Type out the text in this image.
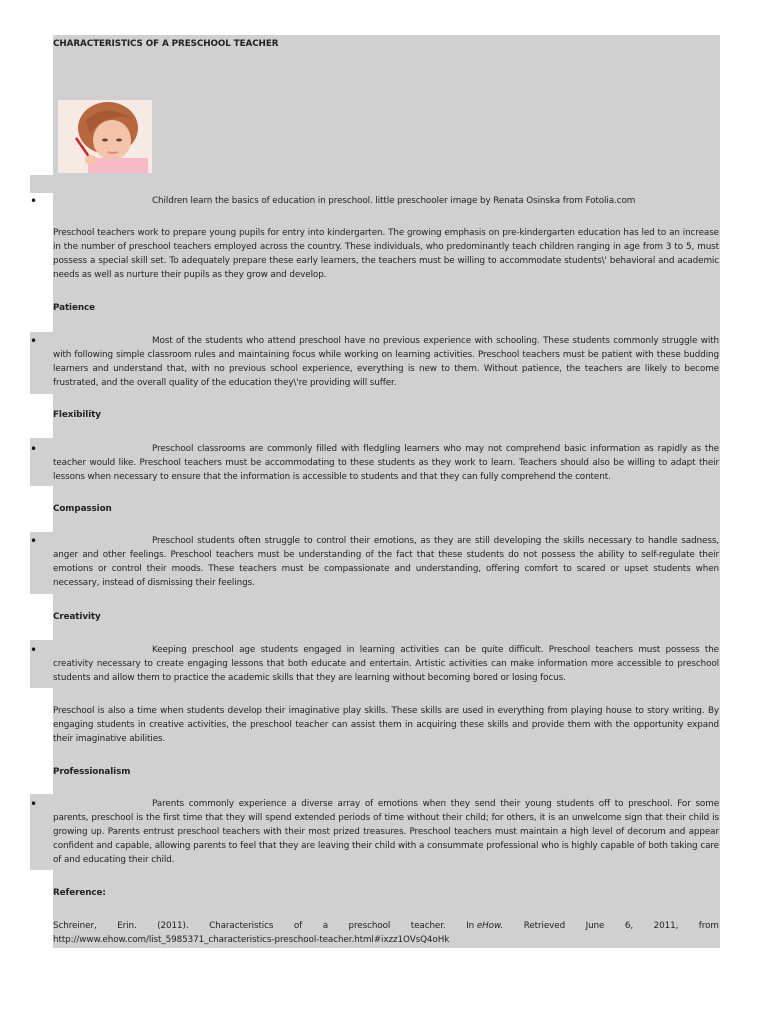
CHARACTERISTICS OF A PRESCHOOL TEACHER

•	Children learn the basics of education in preschool. little preschooler image by Renata Osinska from Fotolia.com

Preschool teachers work to prepare young pupils for entry into kindergarten. The growing emphasis on pre-kindergarten education has led to an increase in the number of preschool teachers employed across the country. These individuals, who predominantly teach children ranging in age from 3 to 5, must possess a special skill set. To adequately prepare these early learners, the teachers must be willing to accommodate students\' behavioral and academic needs as well as nurture their pupils as they grow and develop.

Patience

•	Most of the students who attend preschool have no previous experience with schooling. These students commonly struggle with with following simple classroom rules and maintaining focus while working on learning activities. Preschool teachers must be patient with these budding learners and understand that, with no previous school experience, everything is new to them. Without patience, the teachers are likely to become frustrated, and the overall quality of the education they\'re providing will suffer.

Flexibility

•	Preschool classrooms are commonly filled with fledgling learners who may not comprehend basic information as rapidly as the teacher would like. Preschool teachers must be accommodating to these students as they work to learn. Teachers should also be willing to adapt their lessons when necessary to ensure that the information is accessible to students and that they can fully comprehend the content.

Compassion

•	Preschool students often struggle to control their emotions, as they are still developing the skills necessary to handle sadness, anger and other feelings. Preschool teachers must be understanding of the fact that these students do not possess the ability to self-regulate their emotions or control their moods. These teachers must be compassionate and understanding, offering comfort to scared or upset students when necessary, instead of dismissing their feelings.

Creativity

•	Keeping preschool age students engaged in learning activities can be quite difficult. Preschool teachers must possess the creativity necessary to create engaging lessons that both educate and entertain. Artistic activities can make information more accessible to preschool students and allow them to practice the academic skills that they are learning without becoming bored or losing focus.

Preschool is also a time when students develop their imaginative play skills. These skills are used in everything from playing house to story writing. By engaging students in creative activities, the preschool teacher can assist them in acquiring these skills and provide them with the opportunity expand their imaginative abilities.

Professionalism

•	Parents commonly experience a diverse array of emotions when they send their young students off to preschool. For some parents, preschool is the first time that they will spend extended periods of time without their child; for others, it is an unwelcome sign that their child is growing up. Parents entrust preschool teachers with their most prized treasures. Preschool teachers must maintain a high level of decorum and appear confident and capable, allowing parents to feel that they are leaving their child with a consummate professional who is highly capable of both taking care of and educating their child.

Reference:

Schreiner, Erin. (2011). Characteristics of a preschool teacher. In eHow. Retrieved June 6, 2011, from

http://www.ehow.com/list_5985371_characteristics-preschool-teacher.html#ixzz1OVsQ4oHk
